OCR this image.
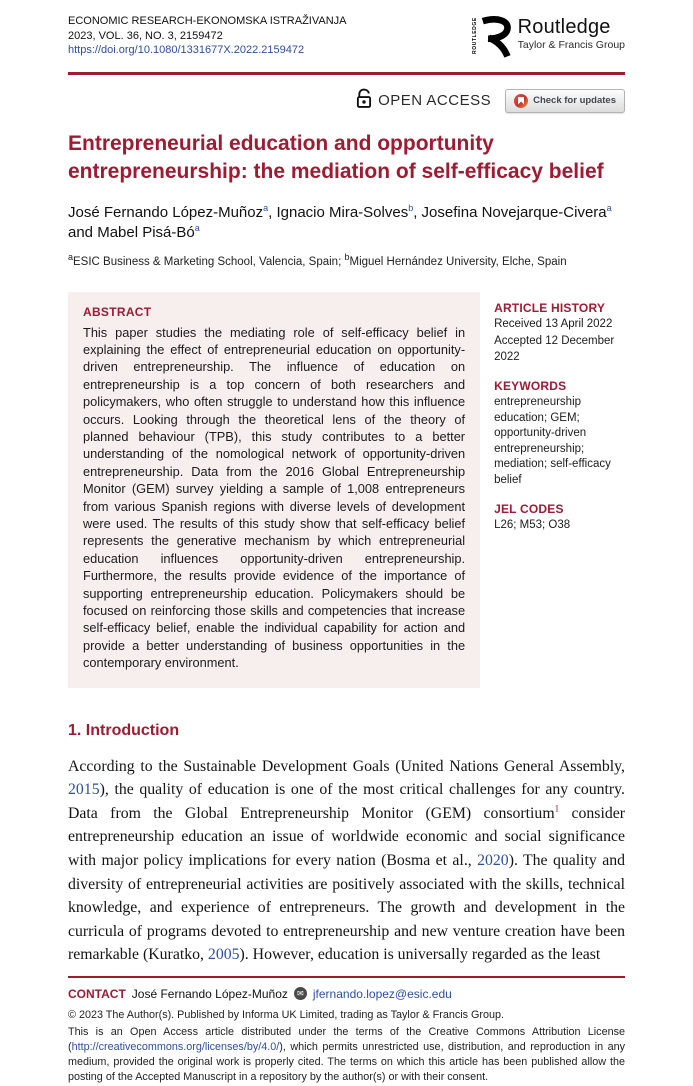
ECONOMIC RESEARCH-EKONOMSKA ISTRAŽIVANJA
2023, VOL. 36, NO. 3, 2159472
https://doi.org/10.1080/1331677X.2022.2159472	ROUTLEDGE Routledge
Taylor & Francis Group
OPEN ACCESS	Check for updates
Entrepreneurial education and opportunity entrepreneurship: the mediation of self-efficacy belief
José Fernando López-Muñoz$^a$, Ignacio Mira-Solves$^b$, Josefina Novejarque-Civera$^a$ and Mabel Pisá-$Bó^a$
$^a$ESIC Business & Marketing School, Valencia, Spain; $^b$Miguel Hernández University, Elche, Spain
ABSTRACT
This paper studies the mediating role of self-efficacy belief in explaining the effect of entrepreneurial education on opportunity-driven entrepreneurship. The influence of education on entrepreneurship is a top concern of both researchers and policymakers, who often struggle to understand how this influence occurs. Looking through the theoretical lens of the theory of planned behaviour (TPB), this study contributes to a better understanding of the nomological network of opportunity-driven entrepreneurship. Data from the 2016 Global Entrepreneurship Monitor (GEM) survey yielding a sample of 1,008 entrepreneurs from various Spanish regions with diverse levels of development were used. The results of this study show that self-efficacy belief represents the generative mechanism by which entrepreneurial education influences opportunity-driven entrepreneurship. Furthermore, the results provide evidence of the importance of supporting entrepreneurship education. Policymakers should be focused on reinforcing those skills and competencies that increase self-efficacy belief, enable the individual capability for action and provide a better understanding of business opportunities in the contemporary environment.
ARTICLE HISTORY
Received 13 April 2022
Accepted 12 December 2022
KEYWORDS
entrepreneurship education; GEM; opportunity-driven entrepreneurship; mediation; self-efficacy belief
JEL CODES
L26; M53; O38
1. Introduction

According to the Sustainable Development Goals (United Nations General Assembly, 2015), the quality of education is one of the most critical challenges for any country. Data from the Global Entrepreneurship Monitor (GEM) consortium$^1$ consider entrepreneurship education an issue of worldwide economic and social significance with major policy implications for every nation (Bosma et al., 2020). The quality and diversity of entrepreneurial activities are positively associated with the skills, technical knowledge, and experience of entrepreneurs. The growth and development in the curricula of programs devoted to entrepreneurship and new venture creation have been remarkable (Kuratko, 2005). However, education is universally regarded as the least

CONTACT José Fernando López-Muñoz	✉ jfernando.lopez@esic.edu
© 2023 The Author(s). Published by Informa UK Limited, trading as Taylor & Francis Group.
This is an Open Access article distributed under the terms of the Creative Commons Attribution License (http://creativecommons.org/licenses/by/4.0/), which permits unrestricted use, distribution, and reproduction in any medium, provided the original work is properly cited. The terms on which this article has been published allow the posting of the Accepted Manuscript in a repository by the author(s) or with their consent.
